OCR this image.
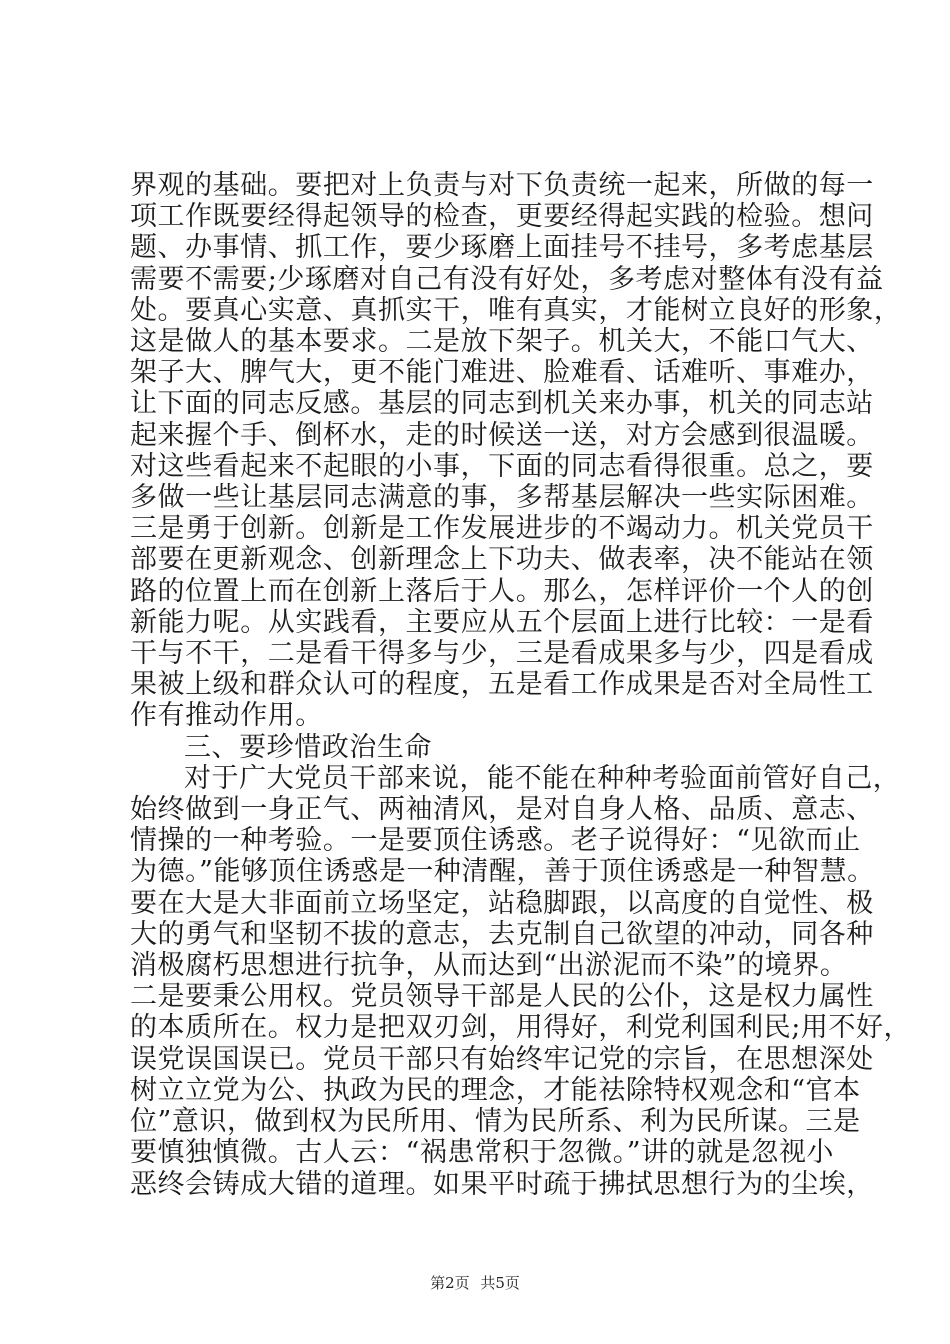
界观的基础。要把对上负责与对下负责统一起来，所做的每一
项工作既要经得起领导的检查，更要经得起实践的检验。想问
题、办事情、抓工作，要少琢磨上面挂号不挂号，多考虑基层
需要不需要;少琢磨对自己有没有好处，多考虑对整体有没有益
处。要真心实意、真抓实干，唯有真实，才能树立良好的形象，
这是做人的基本要求。二是放下架子。机关大，不能口气大、
架子大、脾气大，更不能门难进、脸难看、话难听、事难办，
让下面的同志反感。基层的同志到机关来办事，机关的同志站
起来握个手、倒杯水，走的时候送一送，对方会感到很温暖。
对这些看起来不起眼的小事，下面的同志看得很重。总之，要
多做一些让基层同志满意的事，多帮基层解决一些实际困难。
三是勇于创新。创新是工作发展进步的不竭动力。机关党员干
部要在更新观念、创新理念上下功夫、做表率，决不能站在领
路的位置上而在创新上落后于人。那么，怎样评价一个人的创
新能力呢。从实践看，主要应从五个层面上进行比较：一是看
干与不干，二是看干得多与少，三是看成果多与少，四是看成
果被上级和群众认可的程度，五是看工作成果是否对全局性工
作有推动作用。
三、要珍惜政治生命
对于广大党员干部来说，能不能在种种考验面前管好自己，
始终做到一身正气、两袖清风，是对自身人格、品质、意志、
情操的一种考验。一是要顶住诱惑。老子说得好：“见欲而止
为德。”能够顶住诱惑是一种清醒，善于顶住诱惑是一种智慧。
要在大是大非面前立场坚定，站稳脚跟，以高度的自觉性、极
大的勇气和坚韧不拔的意志，去克制自己欲望的冲动，同各种
消极腐朽思想进行抗争，从而达到“出淤泥而不染”的境界。
二是要秉公用权。党员领导干部是人民的公仆，这是权力属性
的本质所在。权力是把双刃剑，用得好，利党利国利民;用不好，
误党误国误已。党员干部只有始终牢记党的宗旨，在思想深处
树立立党为公、执政为民的理念，才能祛除特权观念和“官本
位”意识，做到权为民所用、情为民所系、利为民所谋。三是
要慎独慎微。古人云：“祸患常积于忽微。”讲的就是忽视小
恶终会铸成大错的道理。如果平时疏于拂拭思想行为的尘埃，
第2页 共5页
